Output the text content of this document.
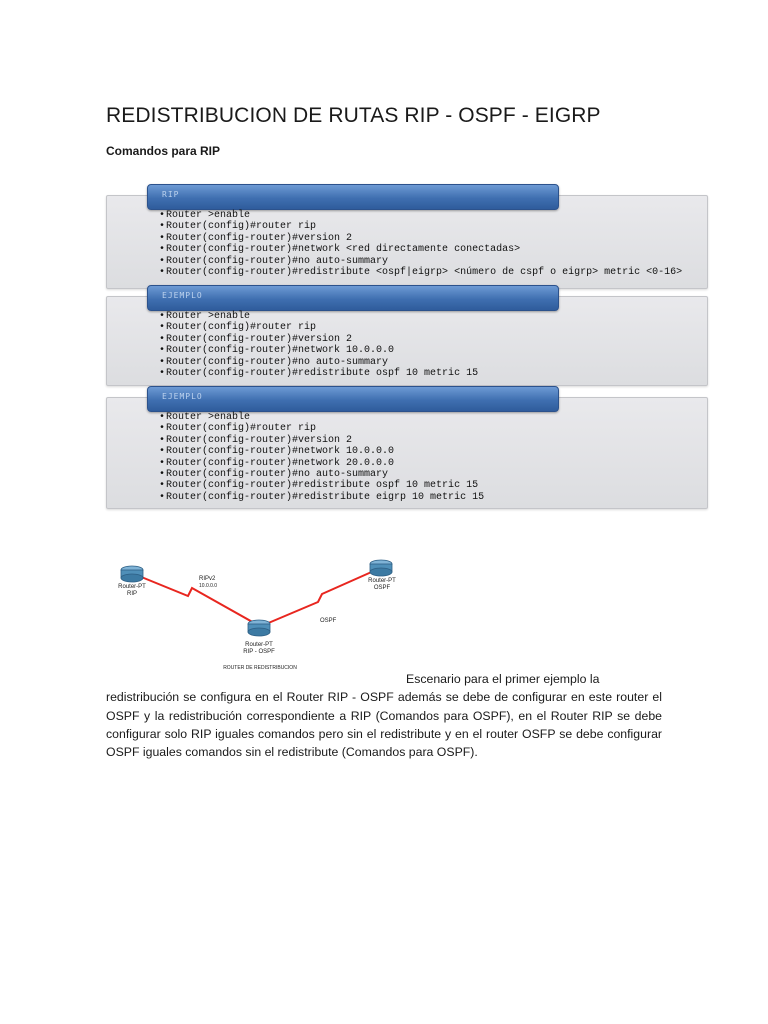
REDISTRIBUCION DE RUTAS RIP - OSPF - EIGRP
Comandos para RIP
RIP
• Router >enable
• Router(config)#router rip
• Router(config-router)#version 2
• Router(config-router)#network <red directamente conectadas>
• Router(config-router)#no auto-summary
• Router(config-router)#redistribute <ospf|eigrp> <número de cspf o eigrp> metric <0-16>
EJEMPLO
• Router >enable
• Router(config)#router rip
• Router(config-router)#version 2
• Router(config-router)#network 10.0.0.0
• Router(config-router)#no auto-summary
• Router(config-router)#redistribute ospf 10 metric 15
EJEMPLO
• Router >enable
• Router(config)#router rip
• Router(config-router)#version 2
• Router(config-router)#network 10.0.0.0
• Router(config-router)#network 20.0.0.0
• Router(config-router)#no auto-summary
• Router(config-router)#redistribute ospf 10 metric 15
• Router(config-router)#redistribute eigrp 10 metric 15
Router-PT
RIP
Router-PT
OSPF
Router-PT
RIP - OSPF
RIPv2
10.0.0.0
OSPF
ROUTER DE REDISTRIBUCION
Escenario para el primer ejemplo la
redistribución se configura en el Router RIP - OSPF además se debe de configurar en este router el OSPF y la redistribución correspondiente a RIP (Comandos para OSPF), en el Router RIP se debe configurar solo RIP iguales comandos pero sin el redistribute y en el router OSFP se debe configurar OSPF iguales comandos sin el redistribute (Comandos para OSPF).
